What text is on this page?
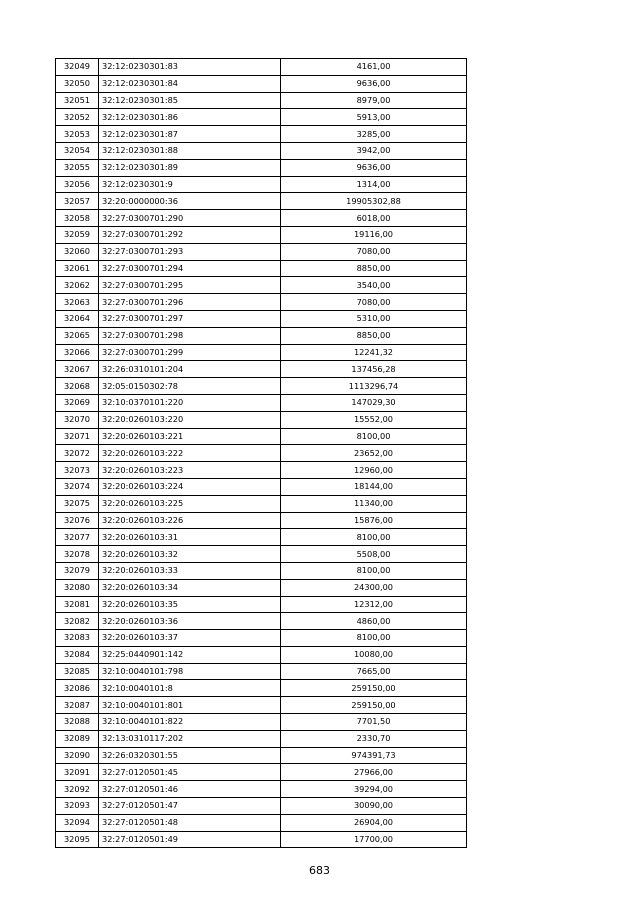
32049	32:12:0230301:83	4161,00
32050	32:12:0230301:84	9636,00
32051	32:12:0230301:85	8979,00
32052	32:12:0230301:86	5913,00
32053	32:12:0230301:87	3285,00
32054	32:12:0230301:88	3942,00
32055	32:12:0230301:89	9636,00
32056	32:12:0230301:9	1314,00
32057	32:20:0000000:36	19905302,88
32058	32:27:0300701:290	6018,00
32059	32:27:0300701:292	19116,00
32060	32:27:0300701:293	7080,00
32061	32:27:0300701:294	8850,00
32062	32:27:0300701:295	3540,00
32063	32:27:0300701:296	7080,00
32064	32:27:0300701:297	5310,00
32065	32:27:0300701:298	8850,00
32066	32:27:0300701:299	12241,32
32067	32:26:0310101:204	137456,28
32068	32:05:0150302:78	1113296,74
32069	32:10:0370101:220	147029,30
32070	32:20:0260103:220	15552,00
32071	32:20:0260103:221	8100,00
32072	32:20:0260103:222	23652,00
32073	32:20:0260103:223	12960,00
32074	32:20:0260103:224	18144,00
32075	32:20:0260103:225	11340,00
32076	32:20:0260103:226	15876,00
32077	32:20:0260103:31	8100,00
32078	32:20:0260103:32	5508,00
32079	32:20:0260103:33	8100,00
32080	32:20:0260103:34	24300,00
32081	32:20:0260103:35	12312,00
32082	32:20:0260103:36	4860,00
32083	32:20:0260103:37	8100,00
32084	32:25:0440901:142	10080,00
32085	32:10:0040101:798	7665,00
32086	32:10:0040101:8	259150,00
32087	32:10:0040101:801	259150,00
32088	32:10:0040101:822	7701,50
32089	32:13:0310117:202	2330,70
32090	32:26:0320301:55	974391,73
32091	32:27:0120501:45	27966,00
32092	32:27:0120501:46	39294,00
32093	32:27:0120501:47	30090,00
32094	32:27:0120501:48	26904,00
32095	32:27:0120501:49	17700,00
683
